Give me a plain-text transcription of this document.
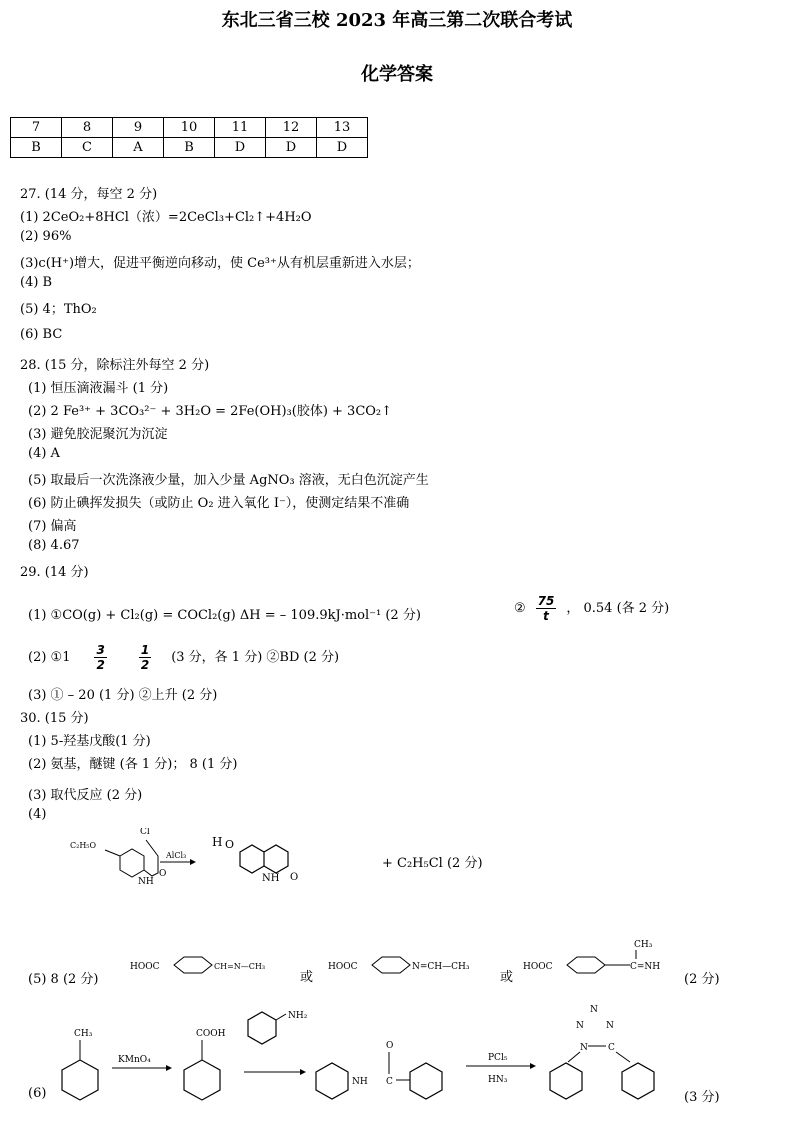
东北三省三校 2023 年高三第二次联合考试
化学答案
7	8	9	10	11	12	13
B	C	A	B	D	D	D
27. (14 分，每空 2 分)
(1) 2CeO₂+8HCl（浓）=2CeCl₃+Cl₂↑+4H₂O
(2) 96%
(3)c(H⁺)增大，促进平衡逆向移动，使 Ce³⁺从有机层重新进入水层；
(4) B
(5) 4；ThO₂
(6) BC
28. (15 分，除标注外每空 2 分)
(1) 恒压滴液漏斗 (1 分)
(2) 2 Fe³⁺ + 3CO₃²⁻ + 3H₂O = 2Fe(OH)₃(胶体) + 3CO₂↑
(3) 避免胶泥聚沉为沉淀
(4) A
(5) 取最后一次洗涤液少量，加入少量 AgNO₃ 溶液，无白色沉淀产生
(6) 防止碘挥发损失（或防止 O₂ 进入氧化 I⁻），使测定结果不准确
(7) 偏高
(8) 4.67
29. (14 分)
(1) ①CO(g) + Cl₂(g) = COCl₂(g) ΔH = – 109.9kJ·mol⁻¹ (2 分)	② $\frac{75}{t}$ ， 0.54 (各 2 分)
(2) ①1 $\frac{3}{2}$	$\frac{1}{2} (3$ 分，各 1 分) ②BD (2 分)
(3) ① – 20 (1 分) ②上升 (2 分)
30. (15 分)
(1) 5-羟基戊酸(1 分)
(2) 氨基，醚键 (各 1 分)； 8 (1 分)
(3) 取代反应 (2 分)
(4)
C₂H₅O
Cl
NH
O
AlCl₃
H O
NH O
+ C₂H₅Cl (2 分)
(5) 8 (2 分)
HOOC	CH=N—CH₃
或
HOOC	N=CH—CH₃
或
HOOC
CH₃
C=NH
(2 分)
(6)
CH₃
KMnO₄
COOH
NH₂
NH C
O
PCl₅
HN₃
N
N N
N C
(3 分)
